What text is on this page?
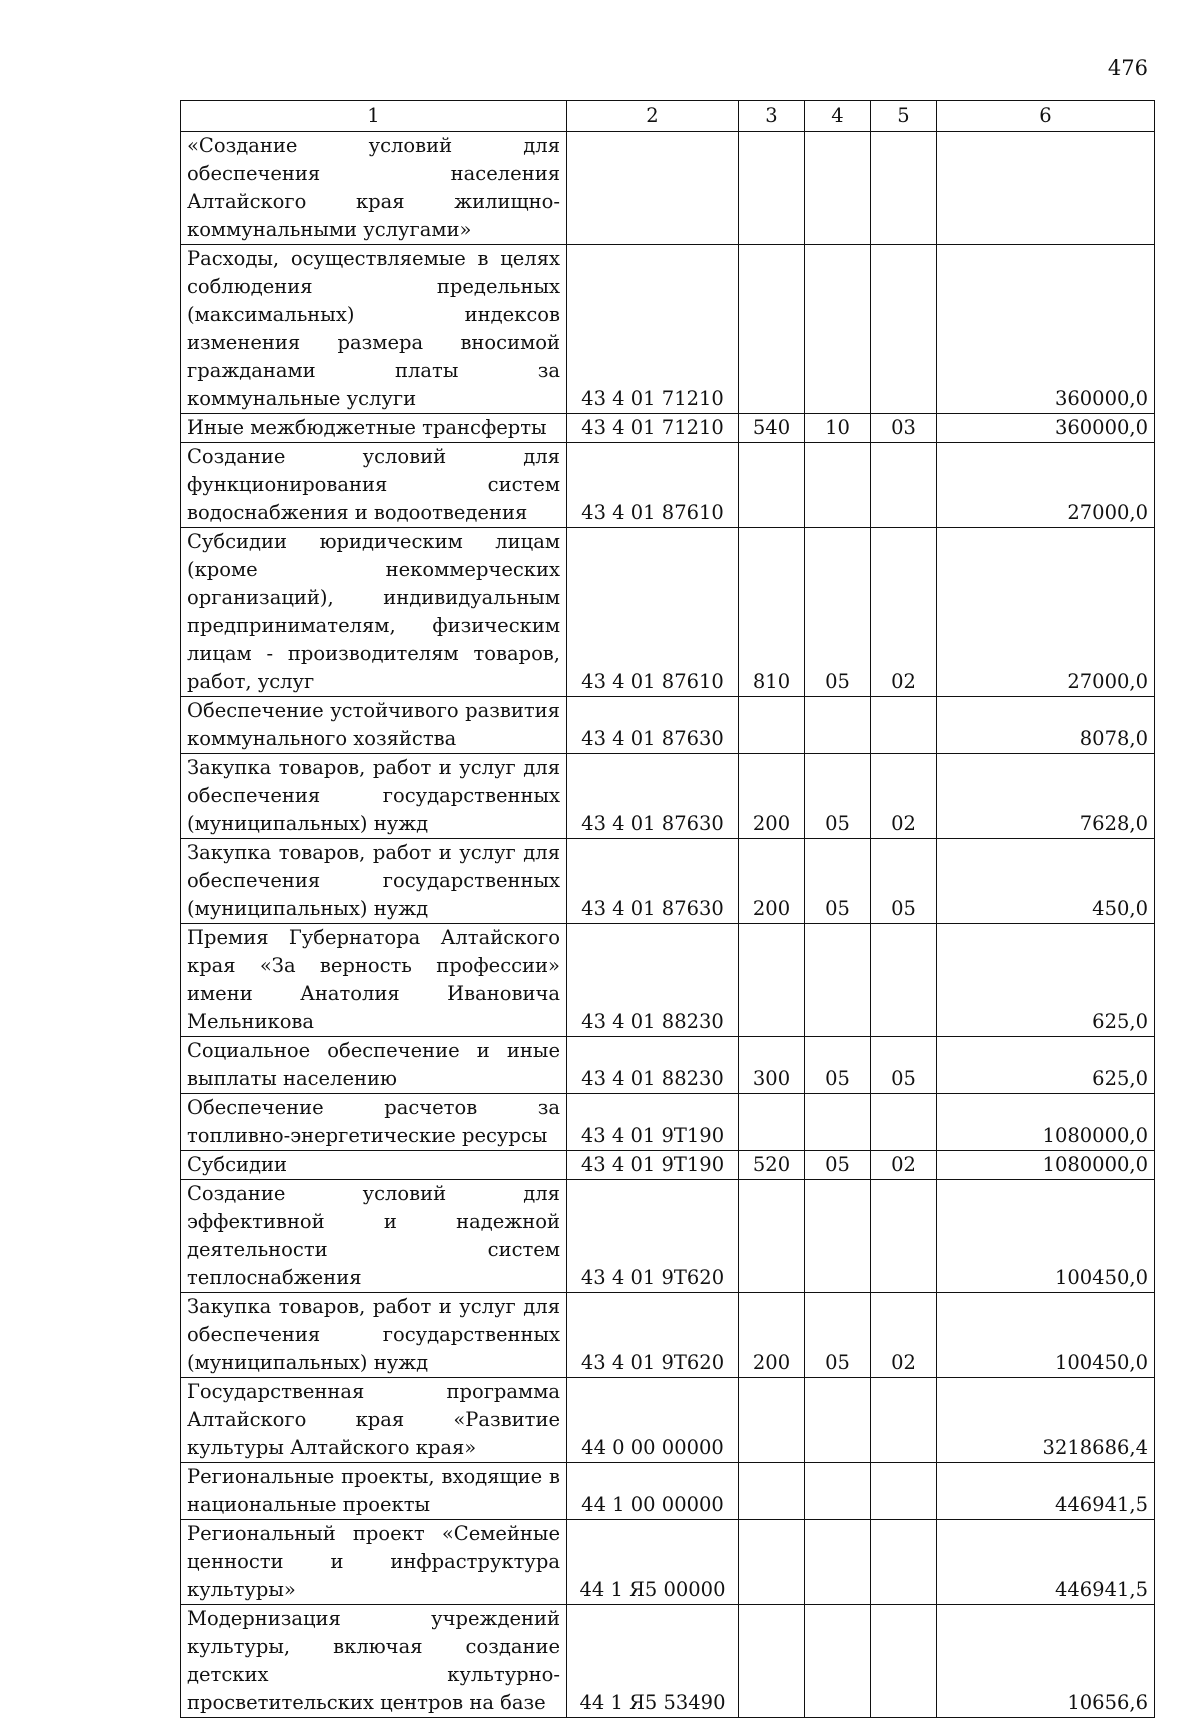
476
1	2	3	4	5	6
«Создание условий для обеспечения населения Алтайского края жилищно-коммунальными услугами»					
Расходы, осуществляемые в целях соблюдения предельных (максимальных) индексов изменения размера вносимой гражданами платы за коммунальные услуги	43 4 01 71210				360000,0
Иные межбюджетные трансферты	43 4 01 71210	540	10	03	360000,0
Создание условий для функционирования систем водоснабжения и водоотведения	43 4 01 87610				27000,0
Субсидии юридическим лицам (кроме некоммерческих организаций), индивидуальным предпринимателям, физическим лицам - производителям товаров, работ, услуг	43 4 01 87610	810	05	02	27000,0
Обеспечение устойчивого развития коммунального хозяйства	43 4 01 87630				8078,0
Закупка товаров, работ и услуг для обеспечения государственных (муниципальных) нужд	43 4 01 87630	200	05	02	7628,0
Закупка товаров, работ и услуг для обеспечения государственных (муниципальных) нужд	43 4 01 87630	200	05	05	450,0
Премия Губернатора Алтайского края «За верность профессии» имени Анатолия Ивановича Мельникова	43 4 01 88230				625,0
Социальное обеспечение и иные выплаты населению	43 4 01 88230	300	05	05	625,0
Обеспечение расчетов за топливно-энергетические ресурсы	43 4 01 9T190				1080000,0
Субсидии	43 4 01 9T190	520	05	02	1080000,0
Создание условий для эффективной и надежной деятельности систем теплоснабжения	43 4 01 9T620				100450,0
Закупка товаров, работ и услуг для обеспечения государственных (муниципальных) нужд	43 4 01 9T620	200	05	02	100450,0
Государственная программа Алтайского края «Развитие культуры Алтайского края»	44 0 00 00000				3218686,4
Региональные проекты, входящие в национальные проекты	44 1 00 00000				446941,5
Региональный проект «Семейные ценности и инфраструктура культуры»	44 1 Я5 00000				446941,5
Модернизация учреждений культуры, включая создание детских культурно-просветительских центров на базе	44 1 Я5 53490				10656,6
